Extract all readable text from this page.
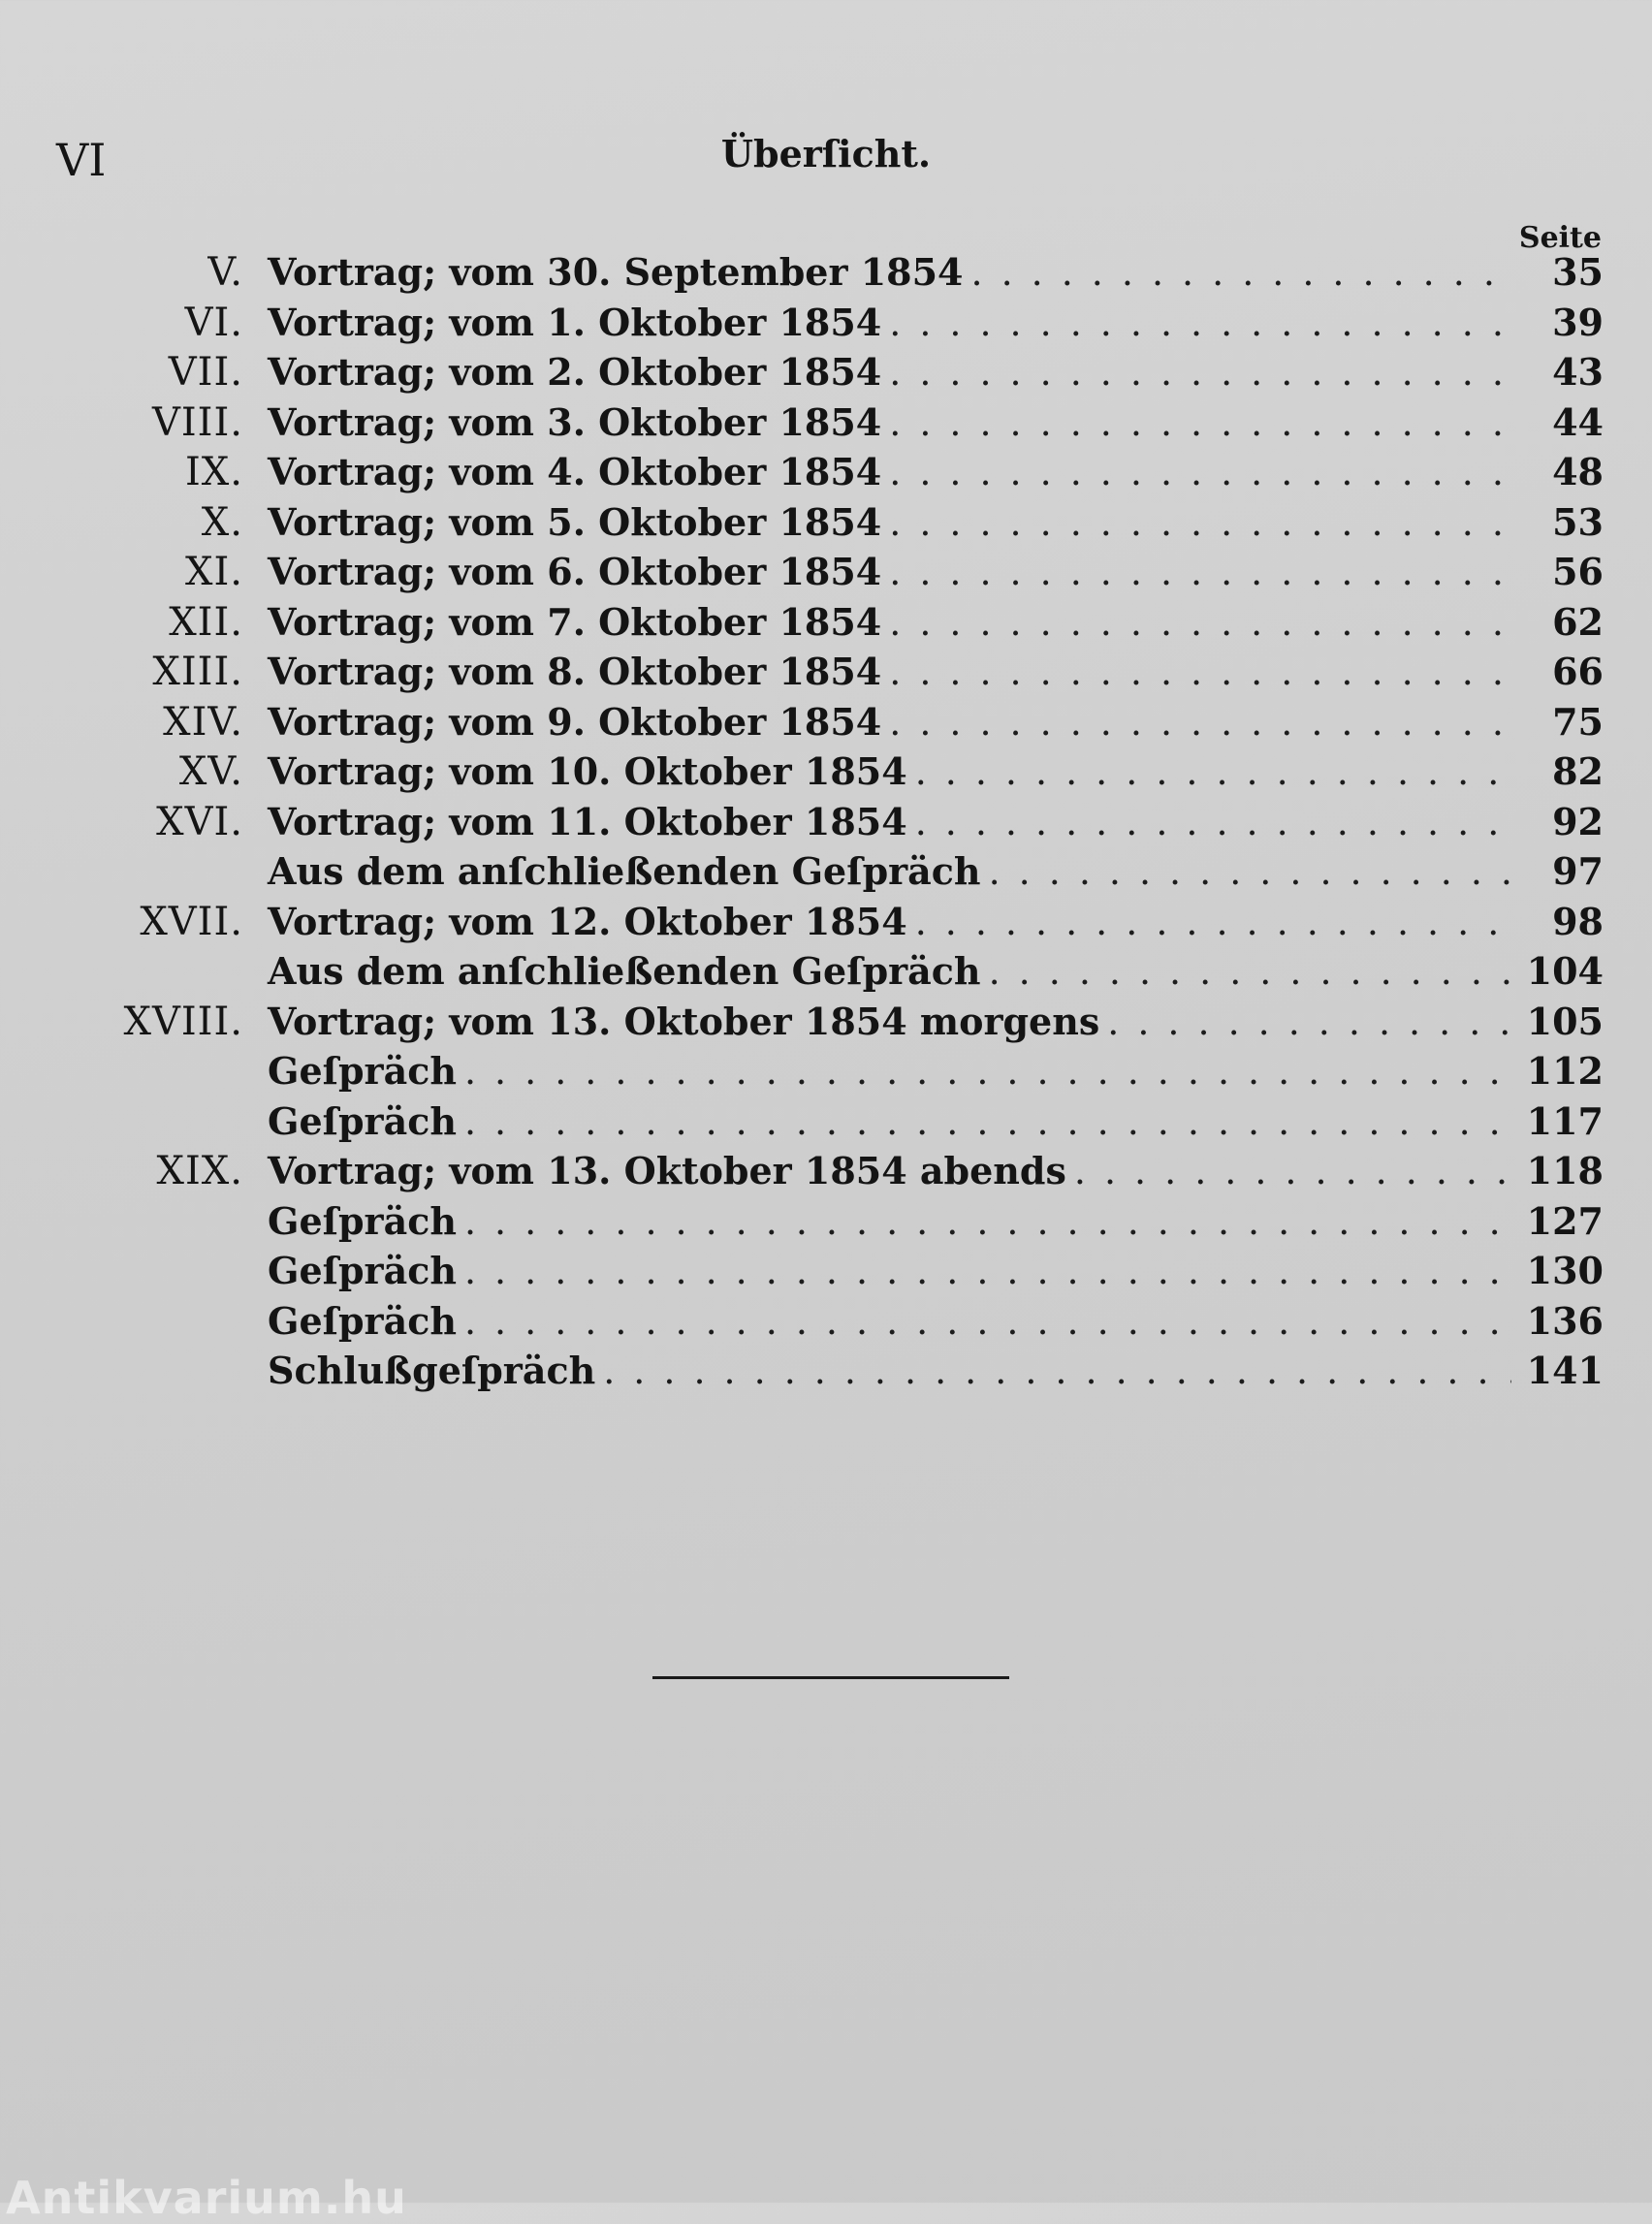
VI	Überſicht.
Seite
V. Vortrag; vom 30. September 1854 .....	35
VI. Vortrag; vom 1. Oktober 1854 .....	39
VII. Vortrag; vom 2. Oktober 1854 .....	43
VIII. Vortrag; vom 3. Oktober 1854 .....	44
IX. Vortrag; vom 4. Oktober 1854 .....	48
X. Vortrag; vom 5. Oktober 1854 .....	53
XI. Vortrag; vom 6. Oktober 1854 .....	56
XII. Vortrag; vom 7. Oktober 1854 .....	62
XIII. Vortrag; vom 8. Oktober 1854 .....	66
XIV. Vortrag; vom 9. Oktober 1854 .....	75
XV. Vortrag; vom 10. Oktober 1854 .....	82
XVI. Vortrag; vom 11. Oktober 1854 .....	92
Aus dem anſchließenden Geſpräch .....	97
XVII. Vortrag; vom 12. Oktober 1854 .....	98
Aus dem anſchließenden Geſpräch .....	104
XVIII. Vortrag; vom 13. Oktober 1854 morgens .....	105
Geſpräch .....	112
Geſpräch .....	117
XIX. Vortrag; vom 13. Oktober 1854 abends .....	118
Geſpräch .....	127
Geſpräch .....	130
Geſpräch .....	136
Schlußgeſpräch .....	141
Antikvarium.hu
